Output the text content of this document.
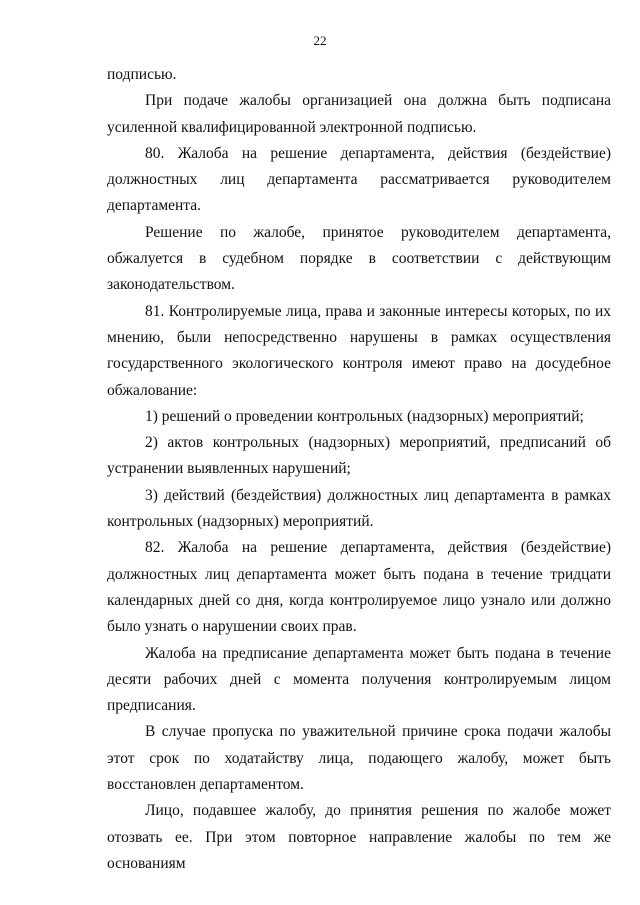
22

подписью.

При подаче жалобы организацией она должна быть подписана усиленной квалифицированной электронной подписью.

80. Жалоба на решение департамента, действия (бездействие) должностных лиц департамента рассматривается руководителем департамента.

Решение по жалобе, принятое руководителем департамента, обжалуется в судебном порядке в соответствии с действующим законодательством.

81. Контролируемые лица, права и законные интересы которых, по их мнению, были непосредственно нарушены в рамках осуществления государственного экологического контроля имеют право на досудебное обжалование:

1) решений о проведении контрольных (надзорных) мероприятий;

2) актов контрольных (надзорных) мероприятий, предписаний об устранении выявленных нарушений;

3) действий (бездействия) должностных лиц департамента в рамках контрольных (надзорных) мероприятий.

82. Жалоба на решение департамента, действия (бездействие) должностных лиц департамента может быть подана в течение тридцати календарных дней со дня, когда контролируемое лицо узнало или должно было узнать о нарушении своих прав.

Жалоба на предписание департамента может быть подана в течение десяти рабочих дней с момента получения контролируемым лицом предписания.

В случае пропуска по уважительной причине срока подачи жалобы этот срок по ходатайству лица, подающего жалобу, может быть восстановлен департаментом.

Лицо, подавшее жалобу, до принятия решения по жалобе может отозвать ее. При этом повторное направление жалобы по тем же основаниям
